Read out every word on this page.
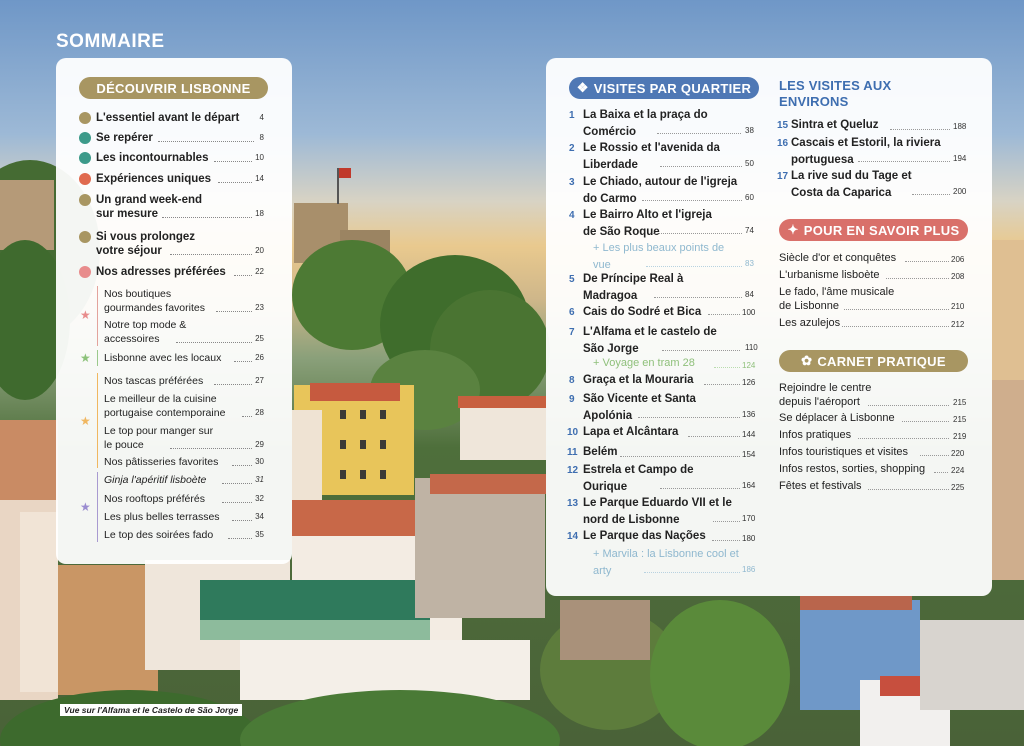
SOMMAIRE
DÉCOUVRIR LISBONNE
L'essentiel avant le départ	4
Se repérer	8
Les incontournables	10
Expériences uniques	14
Un grand week-end sur mesure	18
Si vous prolongez votre séjour	20
Nos adresses préférées	22
★
★
★
★
Nos boutiques gourmandes favorites	23
Notre top mode & accessoires	25
Lisbonne avec les locaux	26
Nos tascas préférées	27
Le meilleur de la cuisine portugaise contemporaine	28
Le top pour manger sur le pouce	29
Nos pâtisseries favorites	30
Ginja l'apéritif lisboète	31
Nos rooftops préférés	32
Les plus belles terrasses	34
Le top des soirées fado	35
❖ VISITES PAR QUARTIER
1 La Baixa et la praça do Comércio	38
2 Le Rossio et l'avenida da Liberdade	50
3 Le Chiado, autour de l'igreja do Carmo	60
4 Le Bairro Alto et l'igreja de São Roque	74
+ Les plus beaux points de vue	83
5 De Príncipe Real à Madragoa	84
6 Cais do Sodré et Bica	100
7 L'Alfama et le castelo de São Jorge	110
+ Voyage en tram 28	124
8 Graça et la Mouraria	126
9 São Vicente et Santa Apolónia	136
10 Lapa et Alcântara	144
11 Belém	154
12 Estrela et Campo de Ourique	164
13 Le Parque Eduardo VII et le nord de Lisbonne	170
14 Le Parque das Nações	180
+ Marvila : la Lisbonne cool et arty	186
LES VISITES AUX ENVIRONS
15 Sintra et Queluz	188
16 Cascais et Estoril, la riviera portuguesa	194
17 La rive sud du Tage et Costa da Caparica	200
✦ POUR EN SAVOIR PLUS
Siècle d'or et conquêtes	206
L'urbanisme lisboète	208
Le fado, l'âme musicale de Lisbonne	210
Les azulejos	212
✿ CARNET PRATIQUE
Rejoindre le centre depuis l'aéroport	215
Se déplacer à Lisbonne	215
Infos pratiques	219
Infos touristiques et visites	220
Infos restos, sorties, shopping	224
Fêtes et festivals	225
Vue sur l'Alfama et le Castelo de São Jorge
